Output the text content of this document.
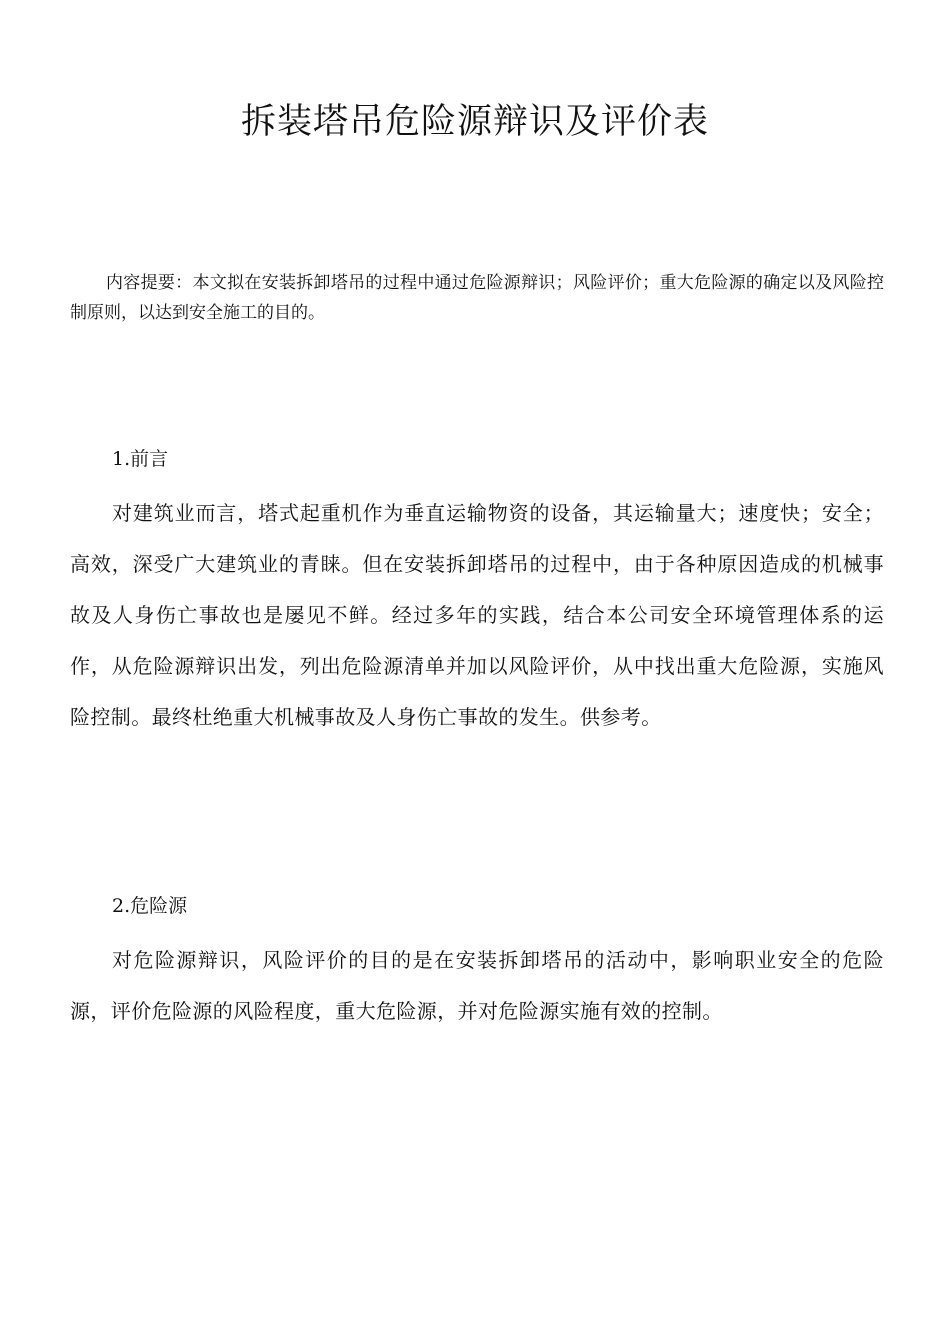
拆装塔吊危险源辩识及评价表

内容提要：本文拟在安装拆卸塔吊的过程中通过危险源辩识；风险评价；重大危险源的确定以及风险控制原则，以达到安全施工的目的。

1.前言

对建筑业而言，塔式起重机作为垂直运输物资的设备，其运输量大；速度快；安全；高效，深受广大建筑业的青睐。但在安装拆卸塔吊的过程中，由于各种原因造成的机械事故及人身伤亡事故也是屡见不鲜。经过多年的实践，结合本公司安全环境管理体系的运作，从危险源辩识出发，列出危险源清单并加以风险评价，从中找出重大危险源，实施风险控制。最终杜绝重大机械事故及人身伤亡事故的发生。供参考。

2.危险源

对危险源辩识，风险评价的目的是在安装拆卸塔吊的活动中，影响职业安全的危险源，评价危险源的风险程度，重大危险源，并对危险源实施有效的控制。
